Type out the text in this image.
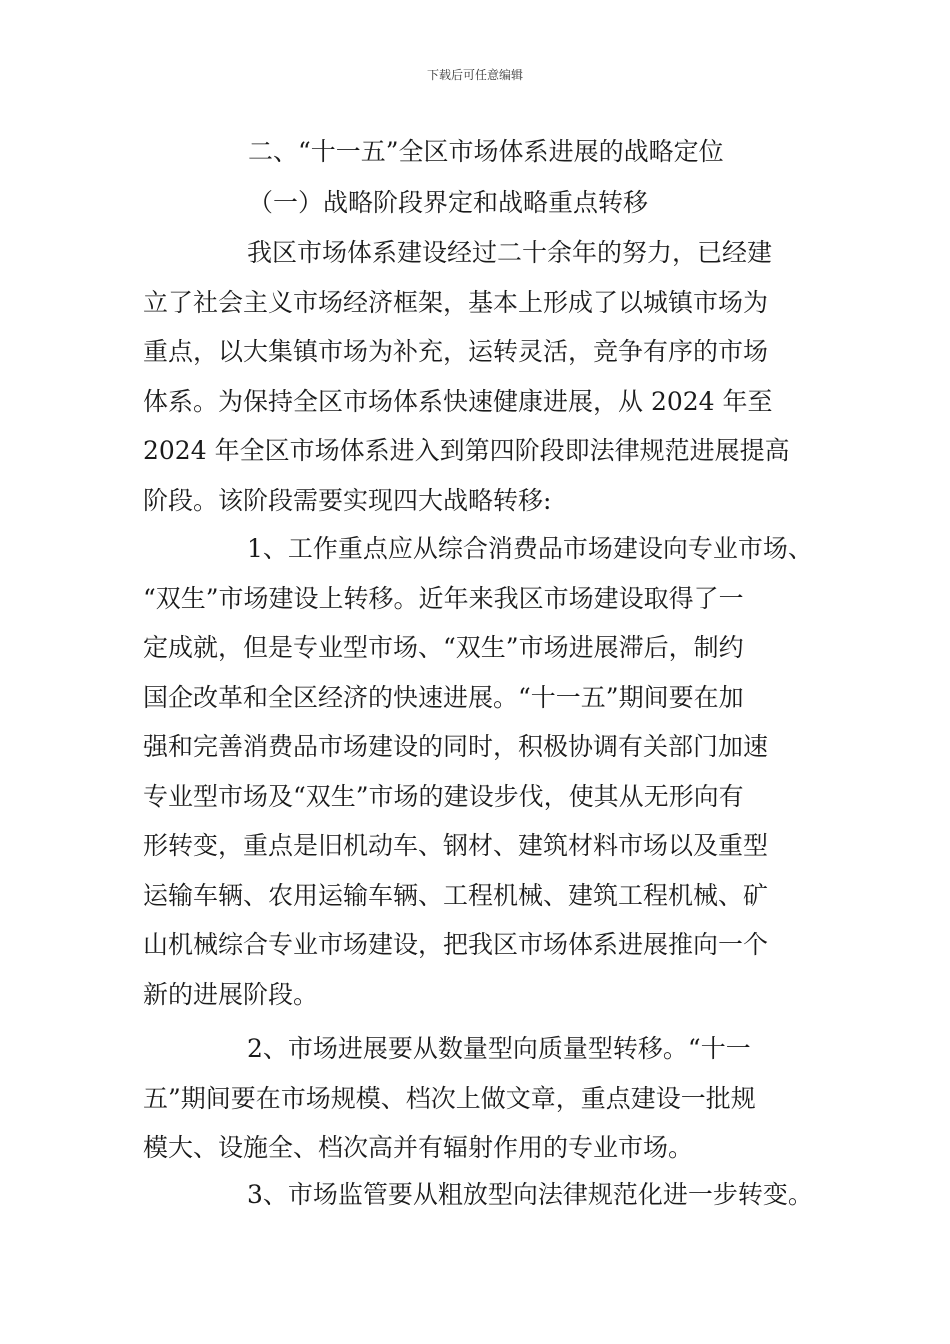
下载后可任意编辑
二、“十一五”全区市场体系进展的战略定位
（一）战略阶段界定和战略重点转移
我区市场体系建设经过二十余年的努力，已经建
立了社会主义市场经济框架，基本上形成了以城镇市场为
重点，以大集镇市场为补充，运转灵活，竞争有序的市场
体系。为保持全区市场体系快速健康进展，从 2024 年至
2024 年全区市场体系进入到第四阶段即法律规范进展提高
阶段。该阶段需要实现四大战略转移:
1、工作重点应从综合消费品市场建设向专业市场、
“双生”市场建设上转移。近年来我区市场建设取得了一
定成就，但是专业型市场、“双生”市场进展滞后，制约
国企改革和全区经济的快速进展。“十一五”期间要在加
强和完善消费品市场建设的同时，积极协调有关部门加速
专业型市场及“双生”市场的建设步伐，使其从无形向有
形转变，重点是旧机动车、钢材、建筑材料市场以及重型
运输车辆、农用运输车辆、工程机械、建筑工程机械、矿
山机械综合专业市场建设，把我区市场体系进展推向一个
新的进展阶段。
2、市场进展要从数量型向质量型转移。“十一
五”期间要在市场规模、档次上做文章，重点建设一批规
模大、设施全、档次高并有辐射作用的专业市场。
3、市场监管要从粗放型向法律规范化进一步转变。
